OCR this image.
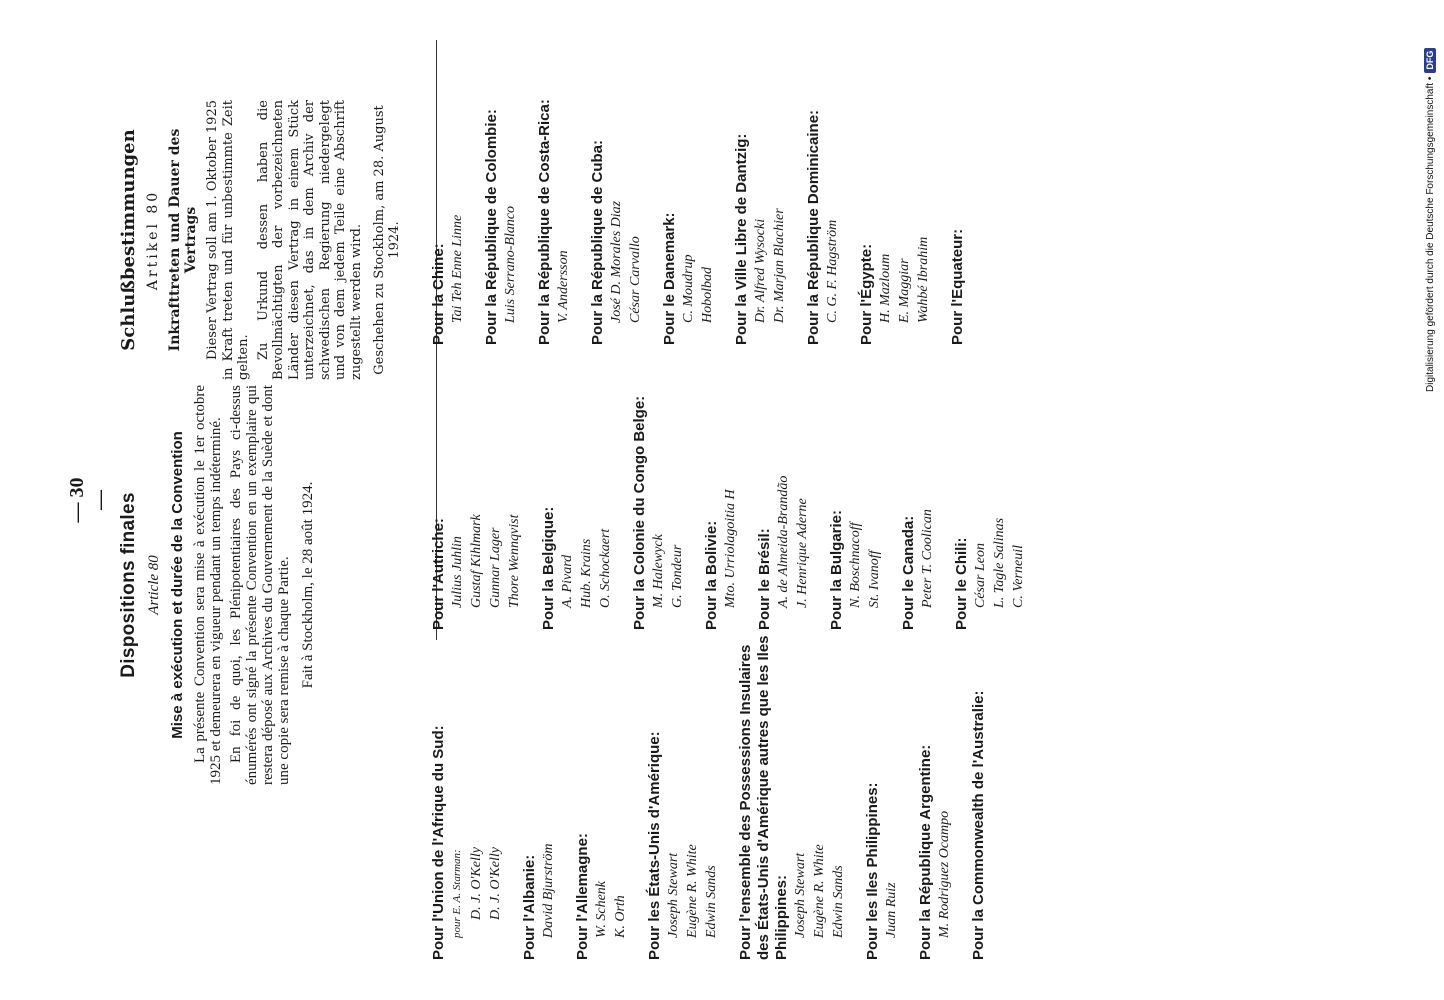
— 30 — Dispositions finales Article 80 Mise à exécution et durée de la Convention La présente Convention sera mise à exécution le 1er octobre 1925 et demeurera en vigueur pendant un temps indéterminé. En foi de quoi, les Plénipotentiaires des Pays ci-dessus énumérés ont signé la présente Convention en un exemplaire qui restera déposé aux Archives du Gouvernement de la Suède et dont une copie sera remise à chaque Partie. Fait à Stockholm, le 28 août 1924.
Schlußbestimmungen Artikel 80 Inkrafttreten und Dauer des Vertrags Dieser Vertrag soll am 1. Oktober 1925 in Kraft treten und für unbestimmte Zeit gelten. Zu Urkund dessen haben die Bevollmächtigten der vorbezeichneten Länder diesen Vertrag in einem Stück unterzeichnet, das in dem Archiv der schwedischen Regierung niedergelegt und von dem jedem Teile eine Abschrift zugestellt werden wird. Geschehen zu Stockholm, am 28. August 1924.
Pour l'Union de l'Afrique du Sud: pour E. A. Starman: D. J. O'Kelly D. J. O'Kelly Pour l'Albanie: David Bjurström Pour l'Allemagne: W. Schenk K. Orth Pour les États-Unis d'Amérique: Joseph Stewart Eugène R. White Edwin Sands Pour l'ensemble des Possessions Insulaires des États-Unis d'Amérique autres que les Iles Philippines: Joseph Stewart Eugène R. White Edwin Sands Pour les Iles Philippines: Juan Ruiz Pour la République Argentine: M. Rodriguez Ocampo Pour la Commonwealth de l'Australie:
Pour l'Autriche: Julius Juhlin Gustaf Kihlmark Gunnar Lager Thore Wennqvist Pour la Belgique: A. Pivard Hub. Krains O. Schockaert Pour la Colonie du Congo Belge: M. Halewyck G. Tondeur Pour la Bolivie: Mto. Urriolagoitia H Pour le Brésil: A. de Almeida-Brandão J. Henrique Aderne Pour la Bulgarie: N. Boschnacoff St. Ivanoff Pour le Canada: Peter T. Coolican Pour le Chili: César Leon L. Tagle Salinas C. Verneuil
Pour la Chine: Tai Teh Enne Linne Pour la République de Colombie: Luis Serrano-Blanco Pour la République de Costa-Rica: V. Andersson Pour la République de Cuba: José D. Morales Diaz César Carvallo Pour le Danemark: C. Moudrup Hobolbad Pour la Ville Libre de Dantzig: Dr. Alfred Wysocki Dr. Marjan Blachier Pour la République Dominicaine: C. G. F. Hagström Pour l'Égypte: H. Mazloum E. Maggiar Wahbé Ibrahim Pour l'Equateur:	Digitalisierung gefördert durch die Deutsche Forschungsgemeinschaft •
DFG
